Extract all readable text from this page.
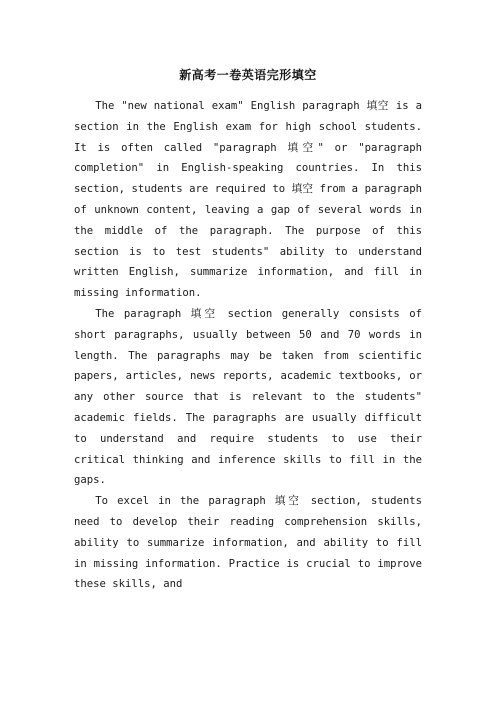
新高考一卷英语完形填空

The "new national exam" English paragraph 填空 is a section in the English exam for high school students. It is often called "paragraph 填空" or "paragraph completion" in English-speaking countries. In this section, students are required to 填空 from a paragraph of unknown content, leaving a gap of several words in the middle of the paragraph. The purpose of this section is to test students" ability to understand written English, summarize information, and fill in missing information.

The paragraph 填空 section generally consists of short paragraphs, usually between 50 and 70 words in length. The paragraphs may be taken from scientific papers, articles, news reports, academic textbooks, or any other source that is relevant to the students" academic fields. The paragraphs are usually difficult to understand and require students to use their critical thinking and inference skills to fill in the gaps.

To excel in the paragraph 填空 section, students need to develop their reading comprehension skills, ability to summarize information, and ability to fill in missing information. Practice is crucial to improve these skills, and
